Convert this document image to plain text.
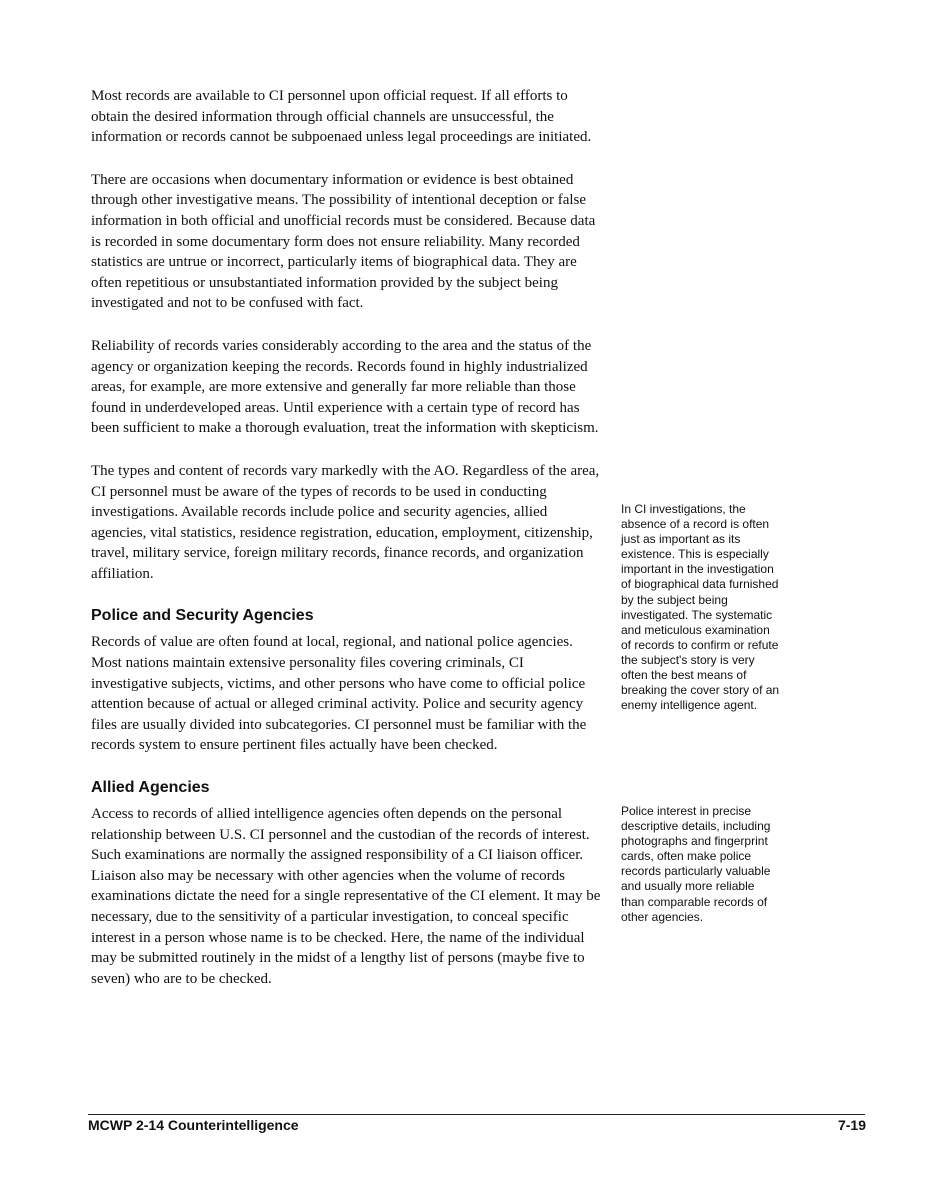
Most records are available to CI personnel upon official request. If all efforts to obtain the desired information through official channels are unsuccessful, the information or records cannot be subpoenaed unless legal proceedings are initiated.

There are occasions when documentary information or evidence is best obtained through other investigative means. The possibility of intentional deception or false information in both official and unofficial records must be considered. Because data is recorded in some documentary form does not ensure reliability. Many recorded statistics are untrue or incorrect, particularly items of biographical data. They are often repetitious or unsubstantiated information provided by the subject being investigated and not to be confused with fact.

Reliability of records varies considerably according to the area and the status of the agency or organization keeping the records. Records found in highly industrialized areas, for example, are more extensive and generally far more reliable than those found in underdeveloped areas. Until experience with a certain type of record has been sufficient to make a thorough evaluation, treat the information with skepticism.

The types and content of records vary markedly with the AO. Regardless of the area, CI personnel must be aware of the types of records to be used in conducting investigations. Available records include police and security agencies, allied agencies, vital statistics, residence registration, education, employment, citizenship, travel, military service, foreign military records, finance records, and organization affiliation.

Police and Security Agencies

Records of value are often found at local, regional, and national police agencies. Most nations maintain extensive personality files covering criminals, CI investigative subjects, victims, and other persons who have come to official police attention because of actual or alleged criminal activity. Police and security agency files are usually divided into subcategories. CI personnel must be familiar with the records system to ensure pertinent files actually have been checked.

Allied Agencies

Access to records of allied intelligence agencies often depends on the personal relationship between U.S. CI personnel and the custodian of the records of interest. Such examinations are normally the assigned responsibility of a CI liaison officer. Liaison also may be necessary with other agencies when the volume of records examinations dictate the need for a single representative of the CI element. It may be necessary, due to the sensitivity of a particular investigation, to conceal specific interest in a person whose name is to be checked. Here, the name of the individual may be submitted routinely in the midst of a lengthy list of persons (maybe five to seven) who are to be checked.

In CI investigations, the absence of a record is often just as important as its existence. This is especially important in the investigation of biographical data furnished by the subject being investigated. The systematic and meticulous examination of records to confirm or refute the subject's story is very often the best means of breaking the cover story of an enemy intelligence agent.

Police interest in precise descriptive details, including photographs and fingerprint cards, often make police records particularly valuable and usually more reliable than comparable records of other agencies.

MCWP 2-14 Counterintelligence	7-19
